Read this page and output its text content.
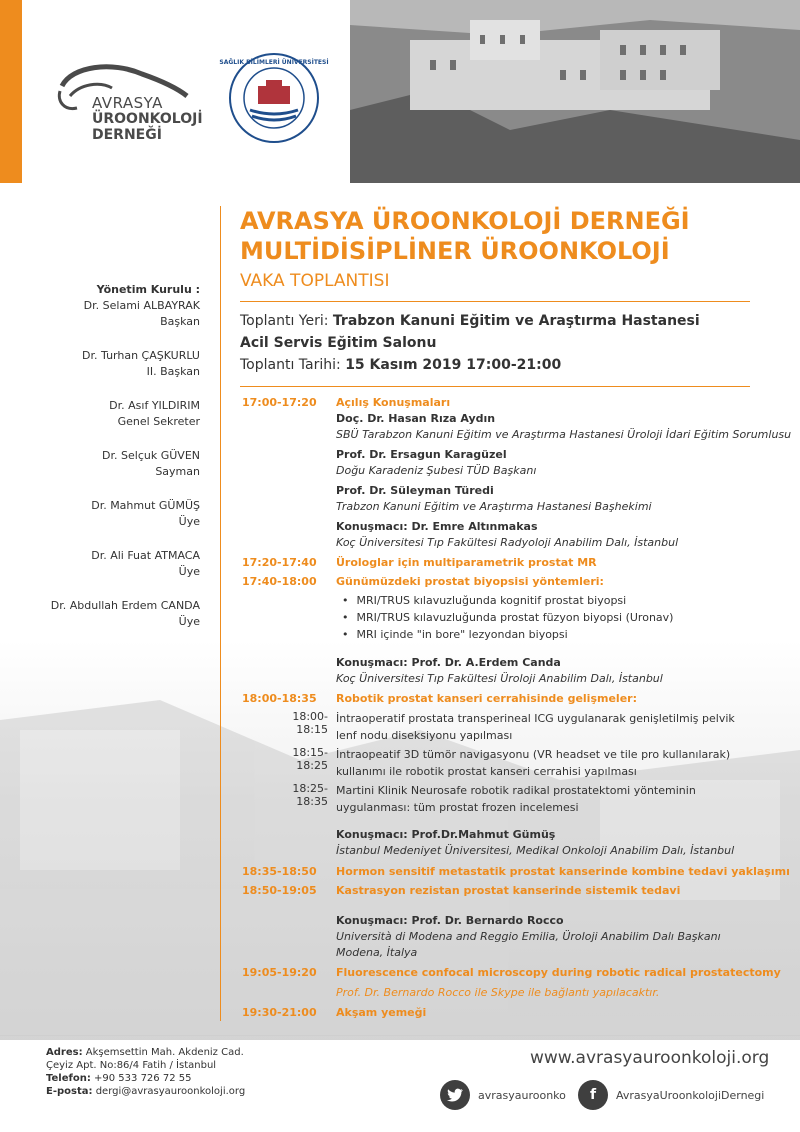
AVRASYA
ÜROONKOLOJİ
DERNEĞİ
SAĞLIK BİLİMLERİ ÜNİVERSİTESİ
AVRASYA ÜROONKOLOJİ DERNEĞİ
MULTİDİSİPLİNER ÜROONKOLOJİ
VAKA TOPLANTISI
Toplantı Yeri: Trabzon Kanuni Eğitim ve Araştırma Hastanesi
Acil Servis Eğitim Salonu
Toplantı Tarihi: 15 Kasım 2019 17:00-21:00
Yönetim Kurulu :
Dr. Selami ALBAYRAK
Başkan
Dr. Turhan ÇAŞKURLU
II. Başkan
Dr. Asıf YILDIRIM
Genel Sekreter
Dr. Selçuk GÜVEN
Sayman
Dr. Mahmut GÜMÜŞ
Üye
Dr. Ali Fuat ATMACA
Üye
Dr. Abdullah Erdem CANDA
Üye
17:00-17:20 Açılış Konuşmaları
Doç. Dr. Hasan Rıza Aydın
SBÜ Tarabzon Kanuni Eğitim ve Araştırma Hastanesi Üroloji İdari Eğitim Sorumlusu
Prof. Dr. Ersagun Karagüzel
Doğu Karadeniz Şubesi TÜD Başkanı
Prof. Dr. Süleyman Türedi
Trabzon Kanuni Eğitim ve Araştırma Hastanesi Başhekimi
Konuşmacı: Dr. Emre Altınmakas
Koç Üniversitesi Tıp Fakültesi Radyoloji Anabilim Dalı, İstanbul
17:20-17:40 Ürologlar için multiparametrik prostat MR
17:40-18:00 Günümüzdeki prostat biyopsisi yöntemleri:
• MRI/TRUS kılavuzluğunda kognitif prostat biyopsi
• MRI/TRUS kılavuzluğunda prostat füzyon biyopsi (Uronav)
• MRI içinde "in bore" lezyondan biyopsi
Konuşmacı: Prof. Dr. A.Erdem Canda
Koç Üniversitesi Tıp Fakültesi Üroloji Anabilim Dalı, İstanbul
18:00-18:35 Robotik prostat kanseri cerrahisinde gelişmeler:
18:00-18:15
İntraoperatif prostata transperineal ICG uygulanarak genişletilmiş pelvik lenf nodu diseksiyonu yapılması
18:15-18:25
İntraopeatif 3D tümör navigasyonu (VR headset ve tile pro kullanılarak) kullanımı ile robotik prostat kanseri cerrahisi yapılması
18:25-18:35
Martini Klinik Neurosafe robotik radikal prostatektomi yönteminin uygulanması: tüm prostat frozen incelemesi
Konuşmacı: Prof.Dr.Mahmut Gümüş
İstanbul Medeniyet Üniversitesi, Medikal Onkoloji Anabilim Dalı, İstanbul
18:35-18:50 Hormon sensitif metastatik prostat kanserinde kombine tedavi yaklaşımı
18:50-19:05 Kastrasyon rezistan prostat kanserinde sistemik tedavi
Konuşmacı: Prof. Dr. Bernardo Rocco
Università di Modena and Reggio Emilia, Üroloji Anabilim Dalı Başkanı
Modena, İtalya
19:05-19:20 Fluorescence confocal microscopy during robotic radical prostatectomy
Prof. Dr. Bernardo Rocco ile Skype ile bağlantı yapılacaktır.
19:30-21:00 Akşam yemeği
Adres: Akşemsettin Mah. Akdeniz Cad.
Çeyiz Apt. No:86/4 Fatih / İstanbul
Telefon: +90 533 726 72 55
E-posta: dergi@avrasyauroonkoloji.org
www.avrasyauroonkoloji.org
avrasyauroonko	f	AvrasyaUroonkolojiDernegi
